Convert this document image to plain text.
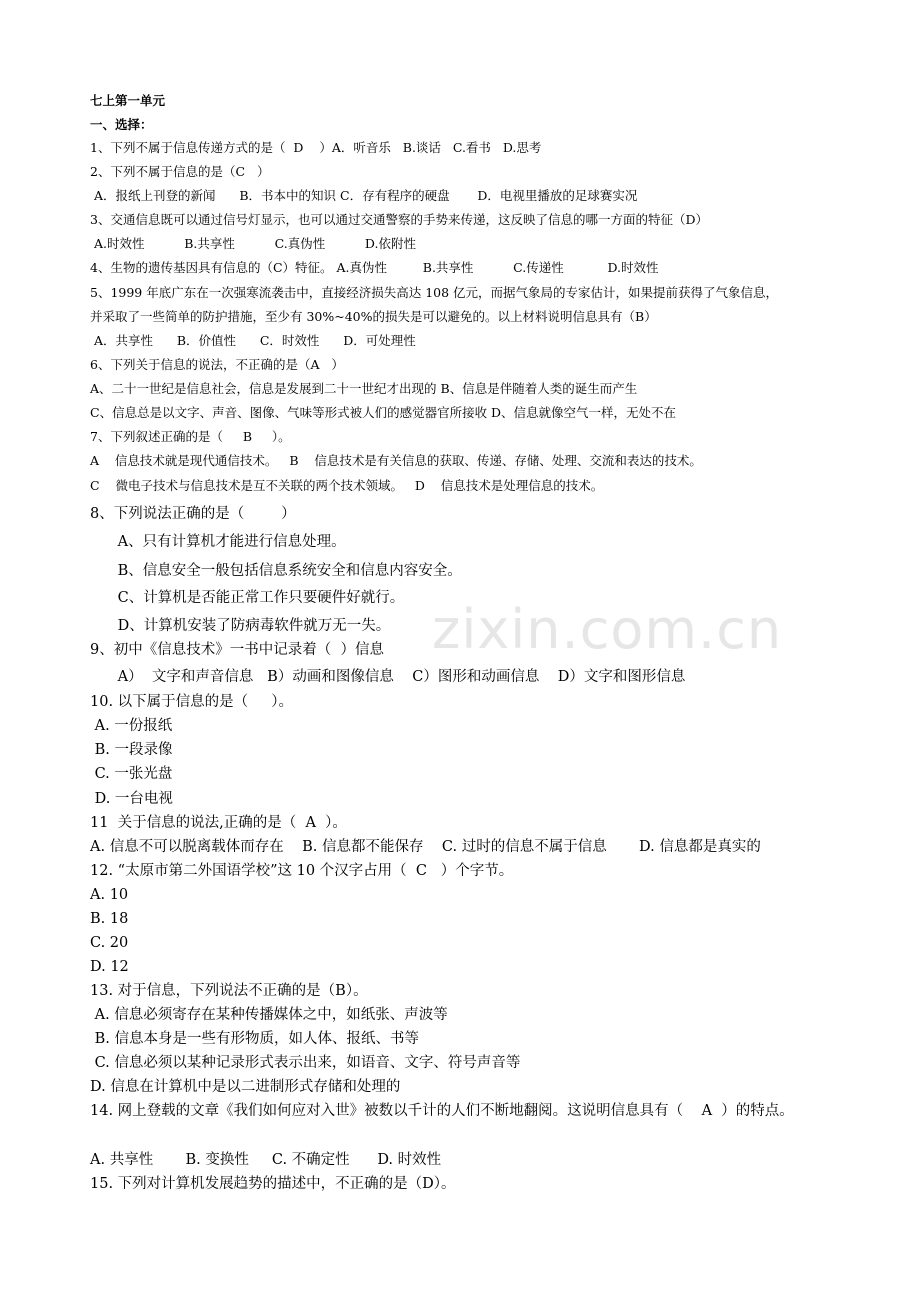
zixin.com.cn
七上第一单元
一、选择：
1、下列不属于信息传递方式的是（  D    ）A．听音乐   B.谈话   C.看书   D.思考
2、下列不属于信息的是（C   ）
A．报纸上刊登的新闻      B．书本中的知识 C．存有程序的硬盘       D．电视里播放的足球赛实况
3、交通信息既可以通过信号灯显示，也可以通过交通警察的手势来传递，这反映了信息的哪一方面的特征（D）
A.时效性          B.共享性          C.真伪性          D.依附性
4、生物的遗传基因具有信息的（C）特征。 A.真伪性         B.共享性          C.传递性           D.时效性
5、1999 年底广东在一次强寒流袭击中，直接经济损失高达 108 亿元，而据气象局的专家估计，如果提前获得了气象信息，
并采取了一些简单的防护措施，至少有 30%~40%的损失是可以避免的。以上材料说明信息具有（B）
A．共享性      B．价值性      C．时效性      D．可处理性
6、下列关于信息的说法，不正确的是（A   ）
A、二十一世纪是信息社会，信息是发展到二十一世纪才出现的 B、信息是伴随着人类的诞生而产生
C、信息总是以文字、声音、图像、气味等形式被人们的感觉器官所接收 D、信息就像空气一样，无处不在
7、下列叙述正确的是（     B     ）。
A    信息技术就是现代通信技术。   B    信息技术是有关信息的获取、传递、存储、处理、交流和表达的技术。
C    微电子技术与信息技术是互不关联的两个技术领域。   D    信息技术是处理信息的技术。
8、下列说法正确的是（        ）
A、只有计算机才能进行信息处理。
B、信息安全一般包括信息系统安全和信息内容安全。
C、计算机是否能正常工作只要硬件好就行。
D、计算机安装了防病毒软件就万无一失。
9、初中《信息技术》一书中记录着（  ）信息
A）  文字和声音信息   B）动画和图像信息    C）图形和动画信息    D）文字和图形信息
10. 以下属于信息的是（     ）。
A. 一份报纸
B. 一段录像
C. 一张光盘
D. 一台电视
11  关于信息的说法,正确的是（  A  ）。
A. 信息不可以脱离载体而存在    B. 信息都不能保存    C. 过时的信息不属于信息       D. 信息都是真实的
12. “太原市第二外国语学校”这 10 个汉字占用（  C   ）个字节。
A. 10
B. 18
C. 20
D. 12
13. 对于信息，下列说法不正确的是（B）。
A. 信息必须寄存在某种传播媒体之中，如纸张、声波等
B. 信息本身是一些有形物质，如人体、报纸、书等
C. 信息必须以某种记录形式表示出来，如语音、文字、符号声音等
D. 信息在计算机中是以二进制形式存储和处理的
14. 网上登载的文章《我们如何应对入世》被数以千计的人们不断地翻阅。这说明信息具有（    A  ）的特点。
A. 共享性       B. 变换性     C. 不确定性      D. 时效性
15. 下列对计算机发展趋势的描述中，不正确的是（D）。
